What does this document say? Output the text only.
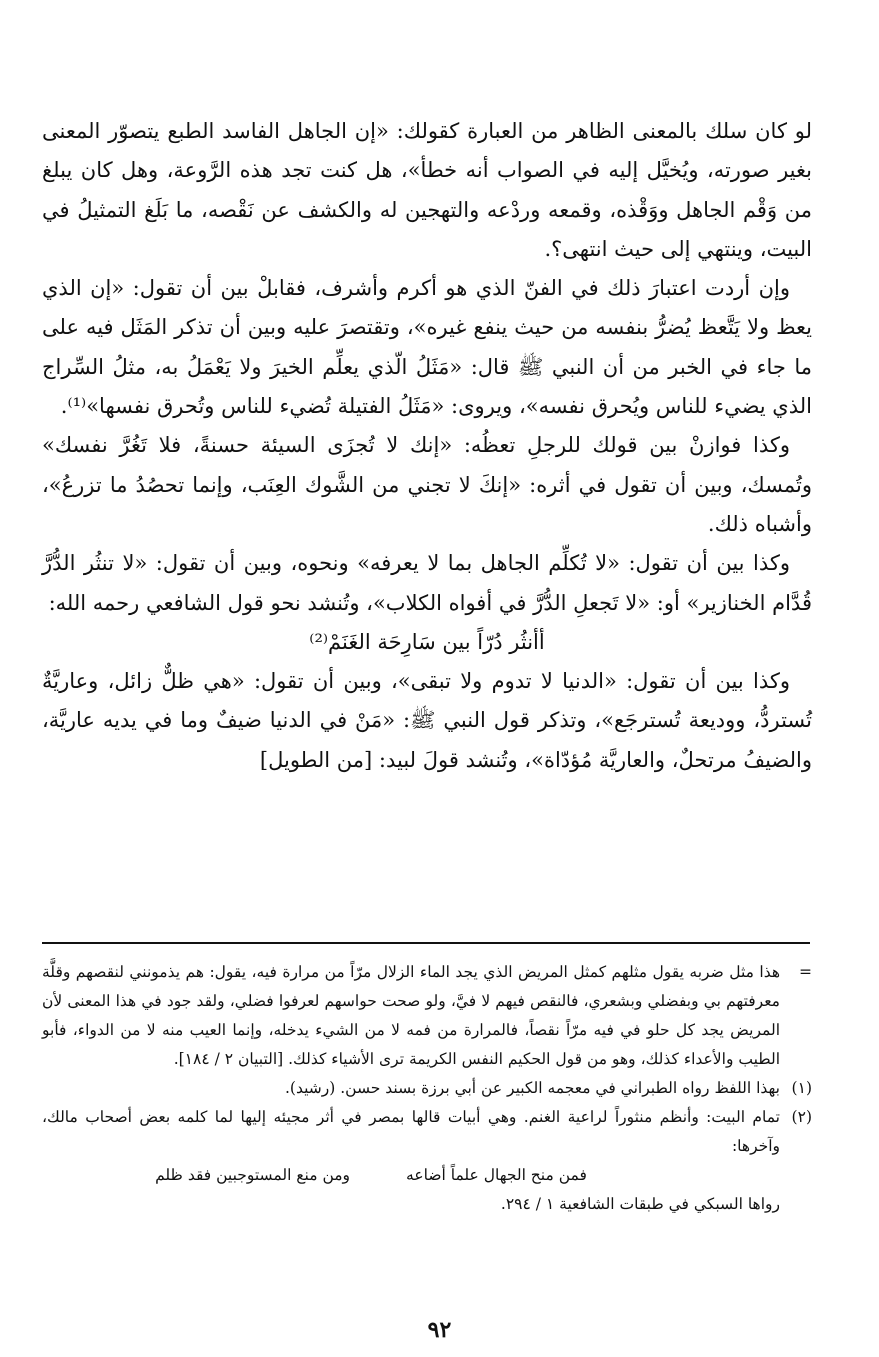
لو كان سلك بالمعنى الظاهر من العبارة كقولك: «إن الجاهل الفاسد الطبع يتصوّر المعنى بغير صورته، ويُخيَّل إليه في الصواب أنه خطأ»، هل كنت تجد هذه الرَّوعة، وهل كان يبلغ من وَقْم الجاهل ووَقْذه، وقمعه وردْعه والتهجين له والكشف عن نَقْصه، ما بَلَغ التمثيلُ في البيت، وينتهي إلى حيث انتهى؟.

وإن أردت اعتبارَ ذلك في الفنّ الذي هو أكرم وأشرف، فقابلْ بين أن تقول: «إن الذي يعظ ولا يَتَّعظ يُضرُّ بنفسه من حيث ينفع غيره»، وتقتصرَ عليه وبين أن تذكر المَثَل فيه على ما جاء في الخبر من أن النبي ﷺ قال: «مَثَلُ الّذي يعلِّم الخيرَ ولا يَعْمَلُ به، مثلُ السِّراج الذي يضيء للناس ويُحرق نفسه»، ويروى: «مَثَلُ الفتيلة تُضيء للناس وتُحرق نفسها»⁽¹⁾.

وكذا فوازنْ بين قولك للرجلِ تعظُه: «إنك لا تُجزَى السيئة حسنةً، فلا تَغُرَّ نفسك» وتُمسك، وبين أن تقول في أثره: «إنكَ لا تجني من الشَّوك العِنَب، وإنما تحصُدُ ما تزرعُ»، وأشباه ذلك.

وكذا بين أن تقول: «لا تُكلِّم الجاهل بما لا يعرفه» ونحوه، وبين أن تقول: «لا تنثُر الدُّرَّ قُدَّام الخنازير» أو: «لا تَجعلِ الدُّرَّ في أفواه الكلاب»، وتُنشد نحو قول الشافعي رحمه الله:

أأنثُر دُرّاً بين سَارِحَة الغَنَمْ⁽²⁾

وكذا بين أن تقول: «الدنيا لا تدوم ولا تبقى»، وبين أن تقول: «هي ظلٌّ زائل، وعاريَّةٌ تُستردُّ، ووديعة تُسترجَع»، وتذكر قول النبي ﷺ: «مَنْ في الدنيا ضيفٌ وما في يديه عاريَّة، والضيفُ مرتحلٌ، والعاريَّة مُؤدّاة»، وتُنشد قولَ لبيد: [من الطويل]

=
هذا مثل ضربه يقول مثلهم كمثل المريض الذي يجد الماء الزلال مرّاً من مرارة فيه، يقول: هم يذمونني لنقصهم وقلَّة معرفتهم بي وبفضلي وبشعري، فالنقص فيهم لا فيَّ، ولو صحت حواسهم لعرفوا فضلي، ولقد جود في هذا المعنى لأن المريض يجد كل حلو في فيه مرّاً نقصاً، فالمرارة من فمه لا من الشيء يدخله، وإنما العيب منه لا من الدواء، فأبو الطيب والأعداء كذلك، وهو من قول الحكيم النفس الكريمة ترى الأشياء كذلك. [التبيان ٢ / ١٨٤].
(١)
بهذا اللفظ رواه الطبراني في معجمه الكبير عن أبي برزة بسند حسن. (رشيد).
(٢)
تمام البيت: وأنظم منثوراً لراعية الغنم. وهي أبيات قالها بمصر في أثر مجيئه إليها لما كلمه بعض أصحاب مالك، وآخرها:
فمن منح الجهال علماً أضاعه
ومن منع المستوجبين فقد ظلم
رواها السبكي في طبقات الشافعية ١ / ٢٩٤.
٩٢
